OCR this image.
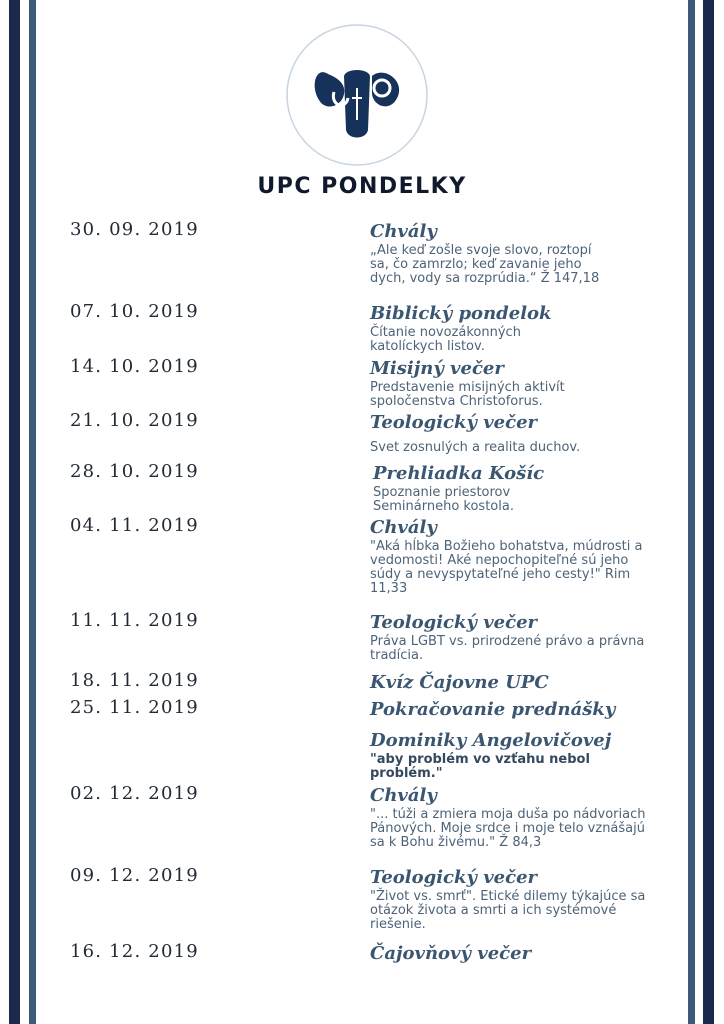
UPC PONDELKY
30. 09. 2019	Chvály
„Ale keď zošle svoje slovo, roztopí sa, čo zamrzlo; keď zavanie jeho dych, vody sa rozprúdia.“ Ž 147,18
07. 10. 2019	Biblický pondelok
Čítanie novozákonných katolíckych listov.
14. 10. 2019	Misijný večer
Predstavenie misijných aktivít spoločenstva Christoforus.
21. 10. 2019	Teologický večer
Svet zosnulých a realita duchov.
28. 10. 2019	Prehliadka Košíc
Spoznanie priestorov Seminárneho kostola.
04. 11. 2019	Chvály
"Aká hĺbka Božieho bohatstva, múdrosti a vedomosti! Aké nepochopiteľné sú jeho súdy a nevyspytateľné jeho cesty!" Rim 11,33
11. 11. 2019	Teologický večer
Práva LGBT vs. prirodzené právo a právna tradícia.
18. 11. 2019	Kvíz Čajovne UPC
25. 11. 2019	Pokračovanie prednášky
Dominiky Angelovičovej
"aby problém vo vzťahu nebol problém."
02. 12. 2019	Chvály
"... túži a zmiera moja duša po nádvoriach Pánových. Moje srdce i moje telo vznášajú sa k Bohu živému." Ž 84,3
09. 12. 2019	Teologický večer
"Život vs. smrť". Etické dilemy týkajúce sa otázok života a smrti a ich systémové riešenie.
16. 12. 2019	Čajovňový večer
